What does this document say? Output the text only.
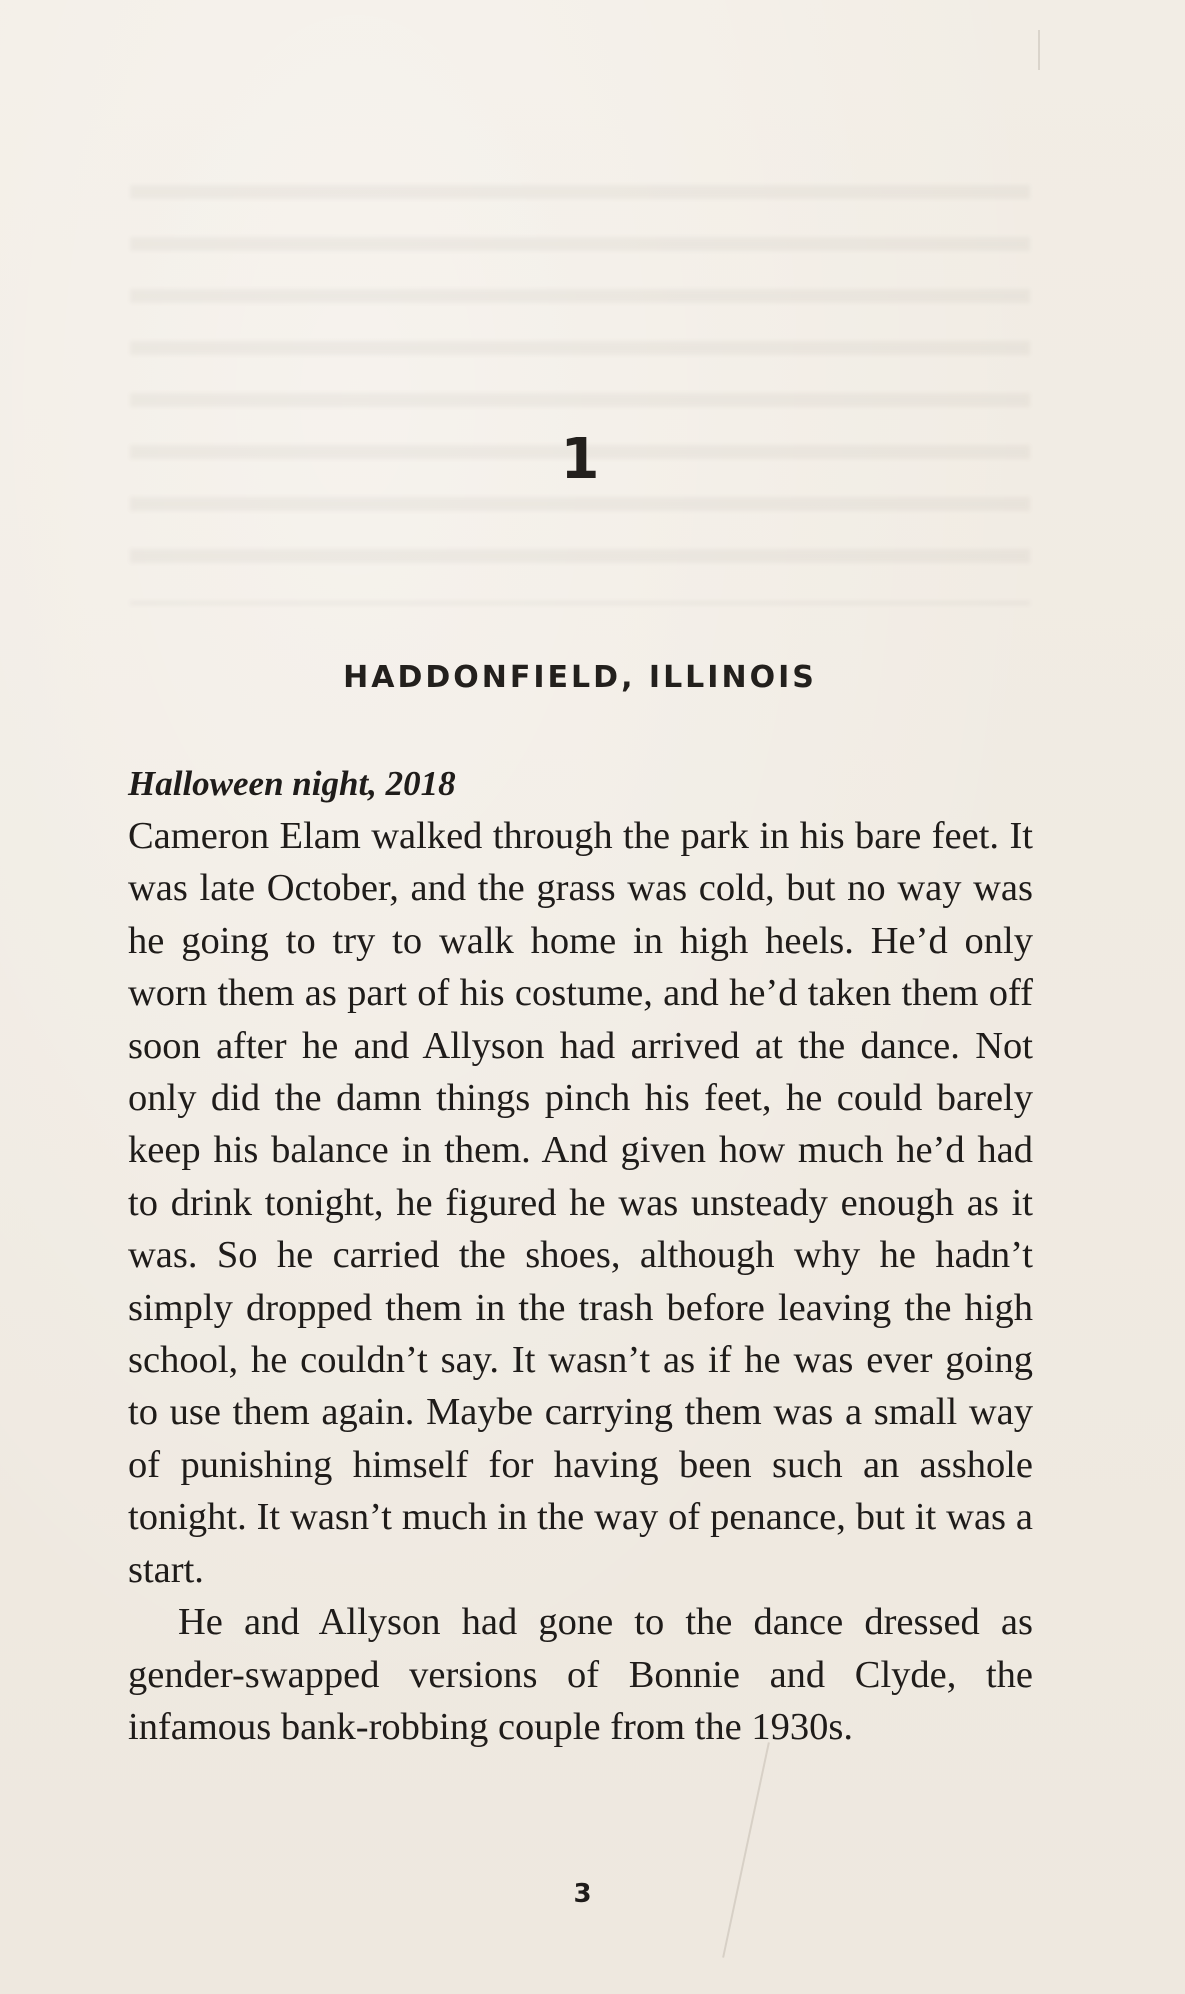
1
HADDONFIELD, ILLINOIS
Halloween night, 2018

Cameron Elam walked through the park in his bare feet. It was late October, and the grass was cold, but no way was he going to try to walk home in high heels. He’d only worn them as part of his costume, and he’d taken them off soon after he and Allyson had arrived at the dance. Not only did the damn things pinch his feet, he could barely keep his balance in them. And given how much he’d had to drink tonight, he figured he was unsteady enough as it was. So he carried the shoes, although why he hadn’t simply dropped them in the trash before leaving the high school, he couldn’t say. It wasn’t as if he was ever going to use them again. Maybe carrying them was a small way of punishing himself for having been such an asshole tonight. It wasn’t much in the way of penance, but it was a start.

He and Allyson had gone to the dance dressed as gender-swapped versions of Bonnie and Clyde, the infamous bank-robbing couple from the 1930s.

3
